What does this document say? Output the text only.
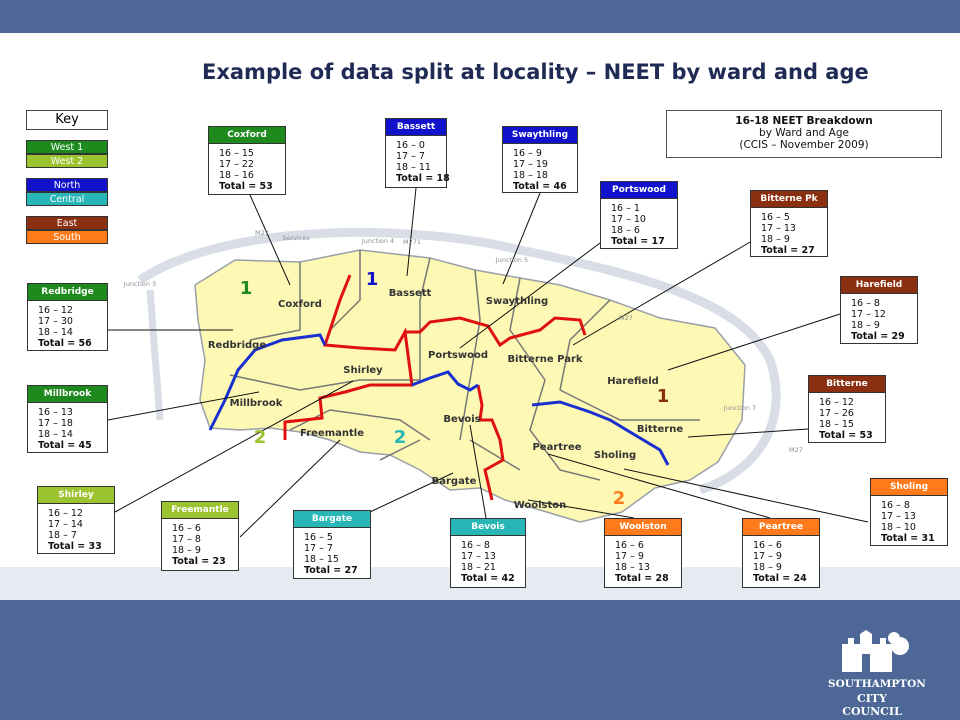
Example of data split at locality – NEET by ward and age
Coxford
Bassett
Swaythling
Redbridge
Portswood Bitterne Park
Shirley
Harefield
Millbrook
Bevois
Freemantle	Bitterne
Peartree
Sholing
Bargate
Woolston
1	1
2	2
1
2
M27
M271
M27
M27
Junction 3
Junction 4
Junction 5
Junction 7
Services
Key
West 1
West 2
North
Central
East
South
16-18 NEET Breakdown
by Ward and Age
(CCIS – November 2009)
Coxford
16 – 15
17 – 22
18 – 16
Total = 53
Bassett
16 – 0
17 – 7
18 – 11
Total = 18
Swaythling
16 – 9
17 – 19
18 – 18
Total = 46	Portswood
16 – 1
17 – 10
18 – 6
Total = 17
Bitterne Pk
16 – 5
17 – 13
18 – 9
Total = 27
Harefield
16 – 8
17 – 12
18 – 9
Total = 29
Bitterne
16 – 12
17 – 26
18 – 15
Total = 53
Sholing
16 – 8
17 – 13
18 – 10
Total = 31
Peartree
16 – 6
17 – 9
18 – 9
Total = 24
Woolston
16 – 6
17 – 9
18 – 13
Total = 28
Bevois
16 – 8
17 – 13
18 – 21
Total = 42
Bargate
16 – 5
17 – 7
18 – 15
Total = 27
Freemantle
16 – 6
17 – 8
18 – 9
Total = 23
Shirley
16 – 12
17 – 14
18 – 7
Total = 33
Millbrook
16 – 13
17 – 18
18 – 14
Total = 45
Redbridge
16 – 12
17 – 30
18 – 14
Total = 56
SOUTHAMPTON
CITY COUNCIL
